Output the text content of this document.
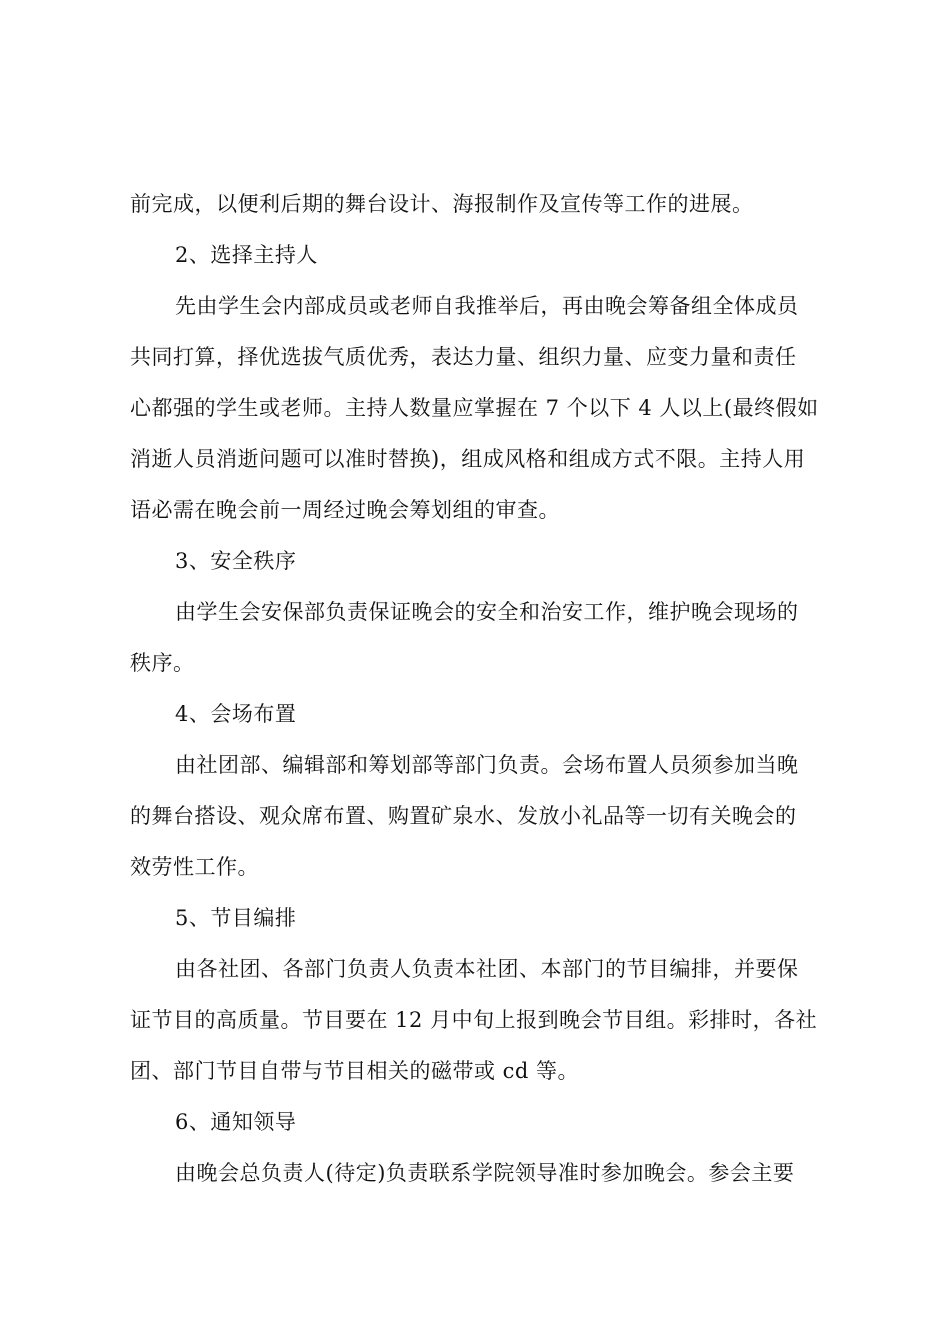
前完成，以便利后期的舞台设计、海报制作及宣传等工作的进展。
2、选择主持人
先由学生会内部成员或老师自我推举后，再由晚会筹备组全体成员
共同打算，择优选拔气质优秀，表达力量、组织力量、应变力量和责任
心都强的学生或老师。主持人数量应掌握在 7 个以下 4 人以上(最终假如
消逝人员消逝问题可以准时替换)，组成风格和组成方式不限。主持人用
语必需在晚会前一周经过晚会筹划组的审查。
3、安全秩序
由学生会安保部负责保证晚会的安全和治安工作，维护晚会现场的
秩序。
4、会场布置
由社团部、编辑部和筹划部等部门负责。会场布置人员须参加当晚
的舞台搭设、观众席布置、购置矿泉水、发放小礼品等一切有关晚会的
效劳性工作。
5、节目编排
由各社团、各部门负责人负责本社团、本部门的节目编排，并要保
证节目的高质量。节目要在 12 月中旬上报到晚会节目组。彩排时，各社
团、部门节目自带与节目相关的磁带或 cd 等。
6、通知领导
由晚会总负责人(待定)负责联系学院领导准时参加晚会。参会主要
